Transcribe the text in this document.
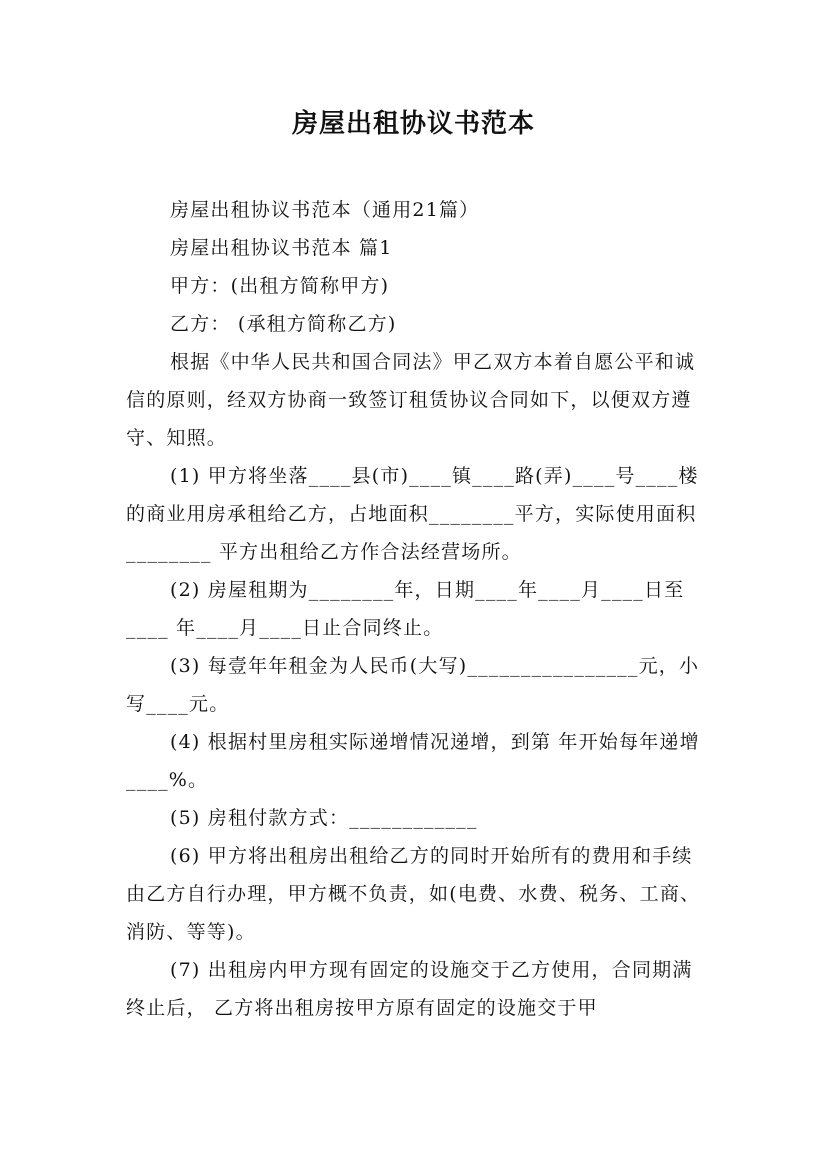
房屋出租协议书范本

房屋出租协议书范本（通用21篇）

房屋出租协议书范本 篇1

甲方：(出租方简称甲方)

乙方： (承租方简称乙方)

根据《中华人民共和国合同法》甲乙双方本着自愿公平和诚信的原则，经双方协商一致签订租赁协议合同如下，以便双方遵守、知照。

(1) 甲方将坐落____县(市)____镇____路(弄)____号____楼的商业用房承租给乙方，占地面积________平方，实际使用面积________ 平方出租给乙方作合法经营场所。

(2) 房屋租期为________年，日期____年____月____日至____ 年____月____日止合同终止。

(3) 每壹年年租金为人民币(大写)________________元，小写____元。

(4) 根据村里房租实际递增情况递增，到第 年开始每年递增____%。

(5) 房租付款方式：____________

(6) 甲方将出租房出租给乙方的同时开始所有的费用和手续由乙方自行办理，甲方概不负责，如(电费、水费、税务、工商、消防、等等)。

(7) 出租房内甲方现有固定的设施交于乙方使用，合同期满终止后， 乙方将出租房按甲方原有固定的设施交于甲
